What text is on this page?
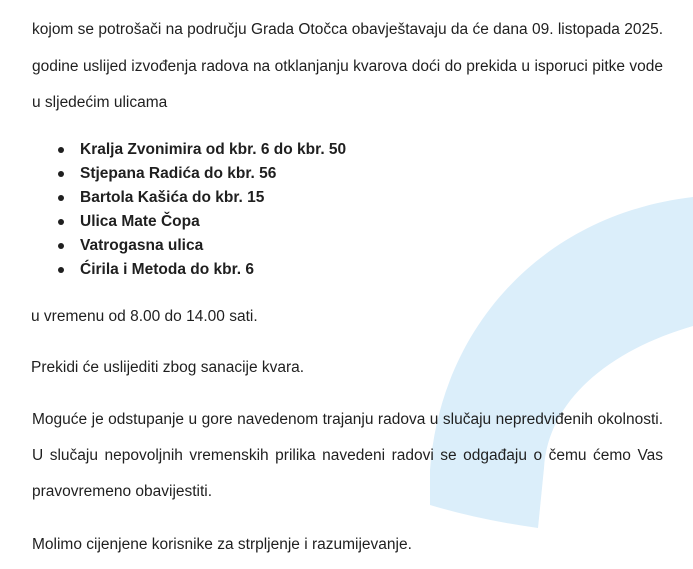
kojom se potrošači na području Grada Otočca obavještavaju da će dana 09. listopada 2025. godine uslijed izvođenja radova na otklanjanju kvarova doći do prekida u isporuci pitke vode u sljedećim ulicama

Kralja Zvonimira od kbr. 6 do kbr. 50
Stjepana Radića do kbr. 56
Bartola Kašića do kbr. 15
Ulica Mate Čopa
Vatrogasna ulica
Ćirila i Metoda do kbr. 6

u vremenu od 8.00 do 14.00 sati.

Prekidi će uslijediti zbog sanacije kvara.

Moguće je odstupanje u gore navedenom trajanju radova u slučaju nepredviđenih okolnosti. U slučaju nepovoljnih vremenskih prilika navedeni radovi se odgađaju o čemu ćemo Vas pravovremeno obavijestiti.

Molimo cijenjene korisnike za strpljenje i razumijevanje.
